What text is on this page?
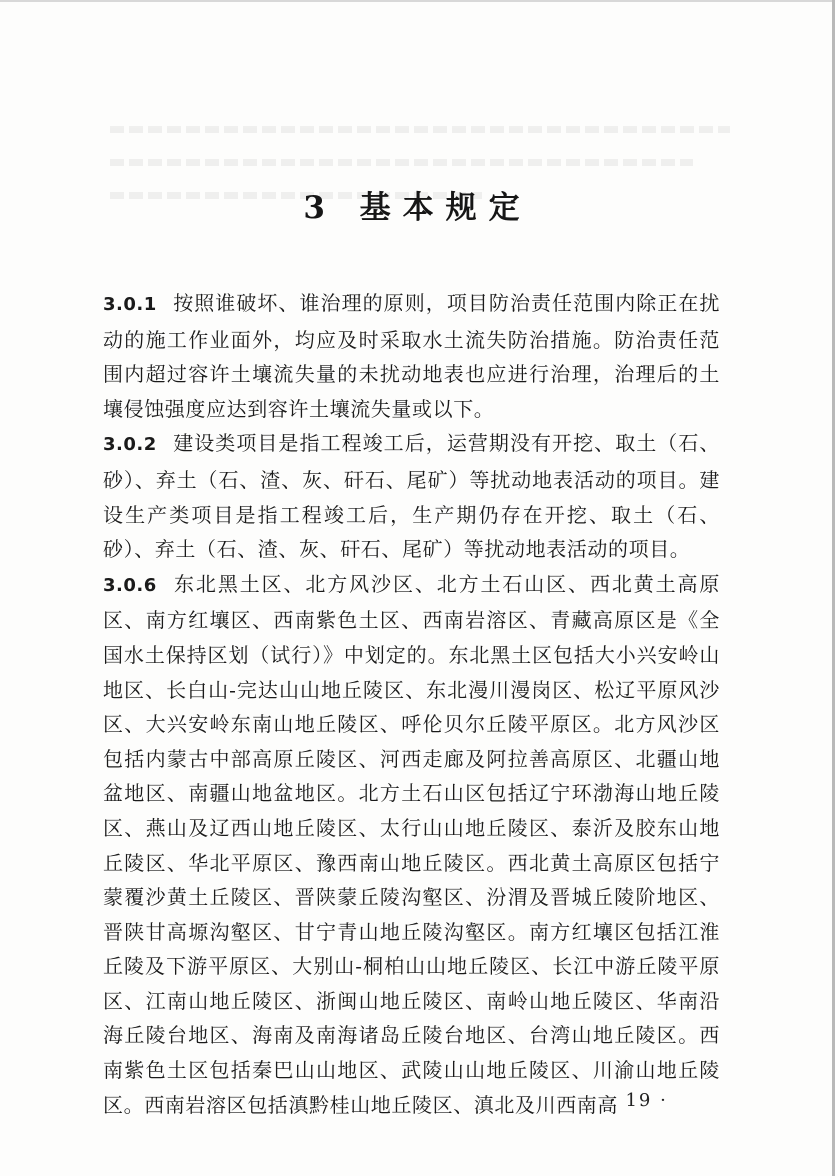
3 基本规定

3.0.1 按照谁破坏、谁治理的原则，项目防治责任范围内除正在扰动的施工作业面外，均应及时采取水土流失防治措施。防治责任范围内超过容许土壤流失量的未扰动地表也应进行治理，治理后的土壤侵蚀强度应达到容许土壤流失量或以下。

3.0.2 建设类项目是指工程竣工后，运营期没有开挖、取土（石、砂）、弃土（石、渣、灰、矸石、尾矿）等扰动地表活动的项目。建设生产类项目是指工程竣工后，生产期仍存在开挖、取土（石、砂）、弃土（石、渣、灰、矸石、尾矿）等扰动地表活动的项目。

3.0.6 东北黑土区、北方风沙区、北方土石山区、西北黄土高原区、南方红壤区、西南紫色土区、西南岩溶区、青藏高原区是《全国水土保持区划（试行）》中划定的。东北黑土区包括大小兴安岭山地区、长白山-完达山山地丘陵区、东北漫川漫岗区、松辽平原风沙区、大兴安岭东南山地丘陵区、呼伦贝尔丘陵平原区。北方风沙区包括内蒙古中部高原丘陵区、河西走廊及阿拉善高原区、北疆山地盆地区、南疆山地盆地区。北方土石山区包括辽宁环渤海山地丘陵区、燕山及辽西山地丘陵区、太行山山地丘陵区、泰沂及胶东山地丘陵区、华北平原区、豫西南山地丘陵区。西北黄土高原区包括宁蒙覆沙黄土丘陵区、晋陕蒙丘陵沟壑区、汾渭及晋城丘陵阶地区、晋陕甘高塬沟壑区、甘宁青山地丘陵沟壑区。南方红壤区包括江淮丘陵及下游平原区、大别山-桐柏山山地丘陵区、长江中游丘陵平原区、江南山地丘陵区、浙闽山地丘陵区、南岭山地丘陵区、华南沿海丘陵台地区、海南及南海诸岛丘陵台地区、台湾山地丘陵区。西南紫色土区包括秦巴山山地区、武陵山山地丘陵区、川渝山地丘陵区。西南岩溶区包括滇黔桂山地丘陵区、滇北及川西南高

· 19 ·
